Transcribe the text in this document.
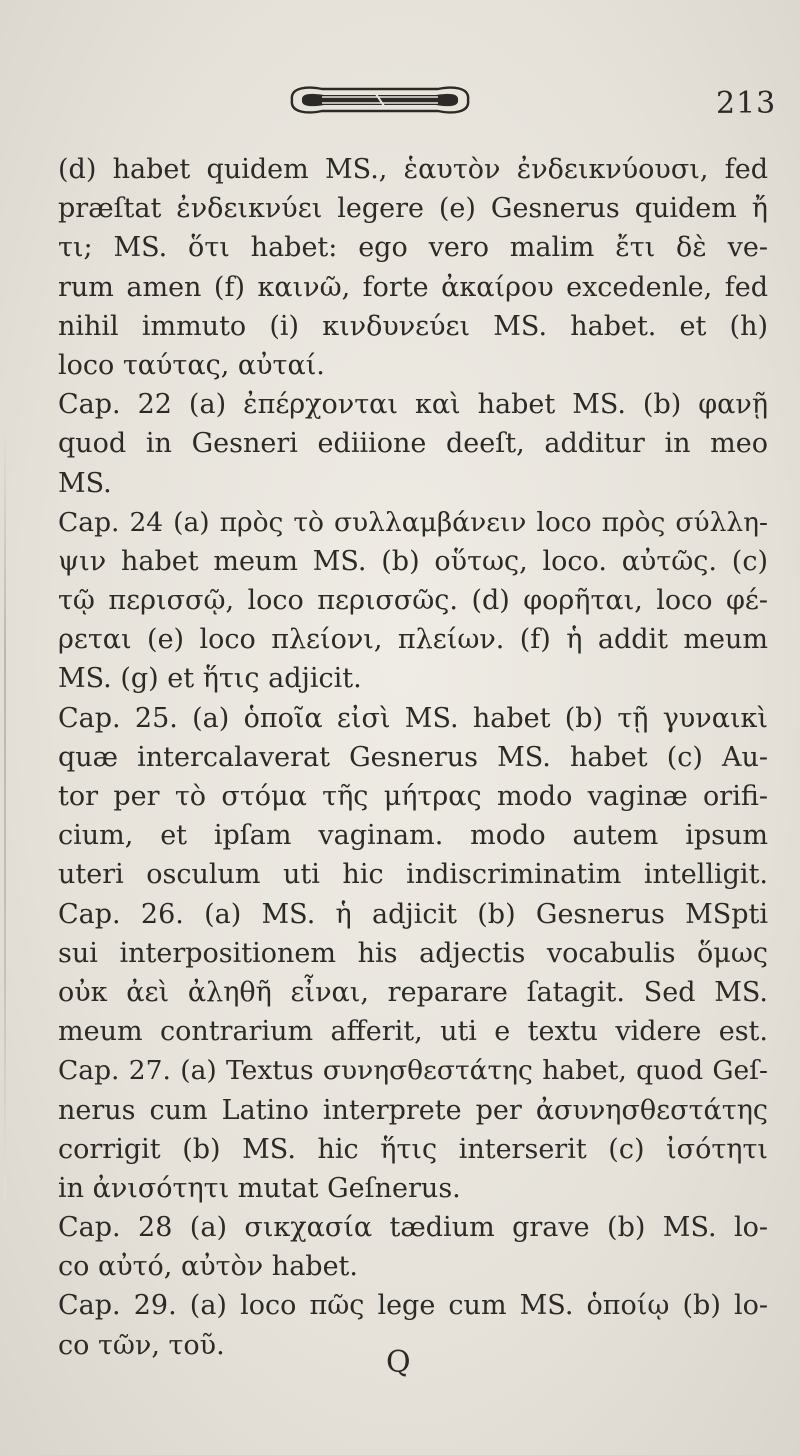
213
(d) habet quidem MS., ἑαυτὸν ἐνδεικνύουσι, fed
præſtat ἐνδεικνύει legere (e) Gesnerus quidem ἤ
τι; MS. ὅτι habet: ego vero malim ἔτι δὲ ve-
rum amen (f) καινῶ, forte ἀκαίρου excedenle, fed
nihil immuto (i) κινδυνεύει MS. habet. et (h)
loco ταύτας, αὐταί.
Cap. 22 (a) ἐπέρχονται καὶ habet MS. (b) φανῇ
quod in Gesneri ediiione deeſt, additur in meo
MS.
Cap. 24 (a) πρὸς τὸ συλλαμβάνειν loco πρὸς σύλλη-
ψιν habet meum MS. (b) οὕτως, loco. αὐτῶς. (c)
τῷ περισσῷ, loco περισσῶς. (d) φορῆται, loco φέ-
ρεται (e) loco πλείονι, πλείων. (f) ἡ addit meum
MS. (g) et ἥτις adjicit.
Cap. 25. (a) ὁποῖα εἰσὶ MS. habet (b) τῇ γυναικὶ
quæ intercalaverat Gesnerus MS. habet (c) Au-
tor per τὸ στόμα τῆς μήτρας modo vaginæ orifi-
cium, et ipſam vaginam. modo autem ipsum
uteri osculum uti hic indiscriminatim intelligit.
Cap. 26. (a) MS. ἡ adjicit (b) Gesnerus MSpti
sui interpositionem his adjectis vocabulis ὅμως
οὐκ ἀεὶ ἀληθῆ εἶναι, reparare ſatagit. Sed MS.
meum contrarium afferit, uti e textu videre est.
Cap. 27. (a) Textus συνησθεστάτης habet, quod Geſ-
nerus cum Latino interprete per ἀσυνησθεστάτης
corrigit (b) MS. hic ἥτις interserit (c) ἰσότητι
in ἀνισότητι mutat Geſnerus.
Cap. 28 (a) σικχασία tædium grave (b) MS. lo-
co αὐτό, αὐτὸν habet.
Cap. 29. (a) loco πῶς lege cum MS. ὁποίῳ (b) lo-
co τῶν, τοῦ.	Q
